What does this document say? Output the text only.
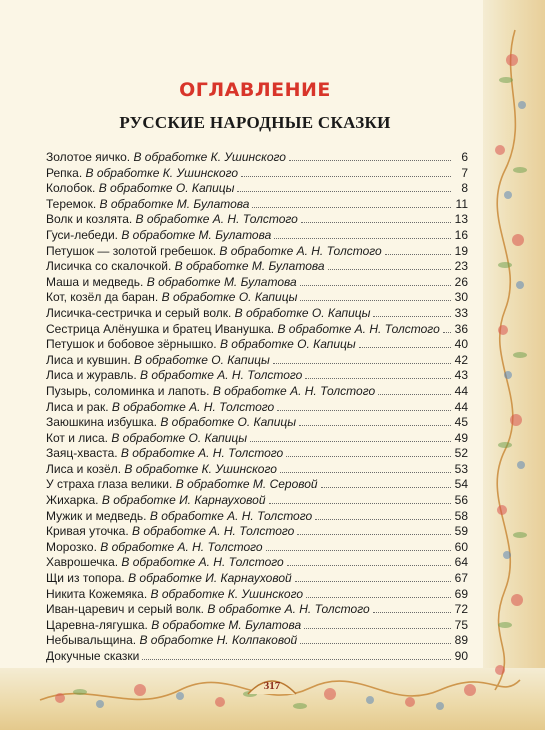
ОГЛАВЛЕНИЕ
РУССКИЕ НАРОДНЫЕ СКАЗКИ
Золотое яичко. В обработке К. Ушинского	6
Репка. В обработке К. Ушинского	7
Колобок. В обработке О. Капицы	8
Теремок. В обработке М. Булатова	11
Волк и козлята. В обработке А. Н. Толстого	13
Гуси-лебеди. В обработке М. Булатова	16
Петушок — золотой гребешок. В обработке А. Н. Толстого	19
Лисичка со скалочкой. В обработке М. Булатова	23
Маша и медведь. В обработке М. Булатова	26
Кот, козёл да баран. В обработке О. Капицы	30
Лисичка-сестричка и серый волк. В обработке О. Капицы	33
Сестрица Алёнушка и братец Иванушка. В обработке А. Н. Толстого 36
Петушок и бобовое зёрнышко. В обработке О. Капицы	40
Лиса и кувшин. В обработке О. Капицы	42
Лиса и журавль. В обработке А. Н. Толстого	43
Пузырь, соломинка и лапоть. В обработке А. Н. Толстого	44
Лиса и рак. В обработке А. Н. Толстого	44
Заюшкина избушка. В обработке О. Капицы	45
Кот и лиса. В обработке О. Капицы	49
Заяц-хваста. В обработке А. Н. Толстого	52
Лиса и козёл. В обработке К. Ушинского	53
У страха глаза велики. В обработке М. Серовой	54
Жихарка. В обработке И. Карнауховой	56
Мужик и медведь. В обработке А. Н. Толстого	58
Кривая уточка. В обработке А. Н. Толстого	59
Морозко. В обработке А. Н. Толстого	60
Хаврошечка. В обработке А. Н. Толстого	64
Щи из топора. В обработке И. Карнауховой	67
Никита Кожемяка. В обработке К. Ушинского	69
Иван-царевич и серый волк. В обработке А. Н. Толстого	72
Царевна-лягушка. В обработке М. Булатова	75
Небывальщина. В обработке Н. Колпаковой	89
Докучные сказки	90
317
